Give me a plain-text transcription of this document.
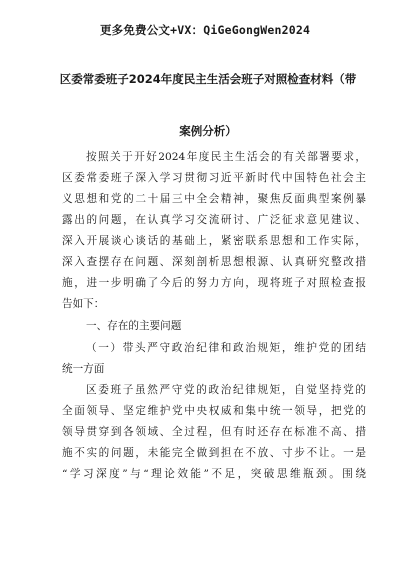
更多免费公文+VX：QiGeGongWen2024
区委常委班子2024年度民主生活会班子对照检查材料（带
案例分析）
按照关于开好2024年度民主生活会的有关部署要求，
区委常委班子深入学习贯彻习近平新时代中国特色社会主
义思想和党的二十届三中全会精神，聚焦反面典型案例暴
露出的问题，在认真学习交流研讨、广泛征求意见建议、
深入开展谈心谈话的基础上，紧密联系思想和工作实际，
深入查摆存在问题、深刻剖析思想根源、认真研究整改措
施，进一步明确了今后的努力方向，现将班子对照检查报
告如下：
一、存在的主要问题
（一）带头严守政治纪律和政治规矩，维护党的团结
统一方面
区委班子虽然严守党的政治纪律规矩，自觉坚持党的
全面领导、坚定维护党中央权威和集中统一领导，把党的
领导贯穿到各领域、全过程，但有时还存在标准不高、措
施不实的问题，未能完全做到担在不放、寸步不让。一是
“学习深度”与“理论效能”不足，突破思维瓶颈。围绕
